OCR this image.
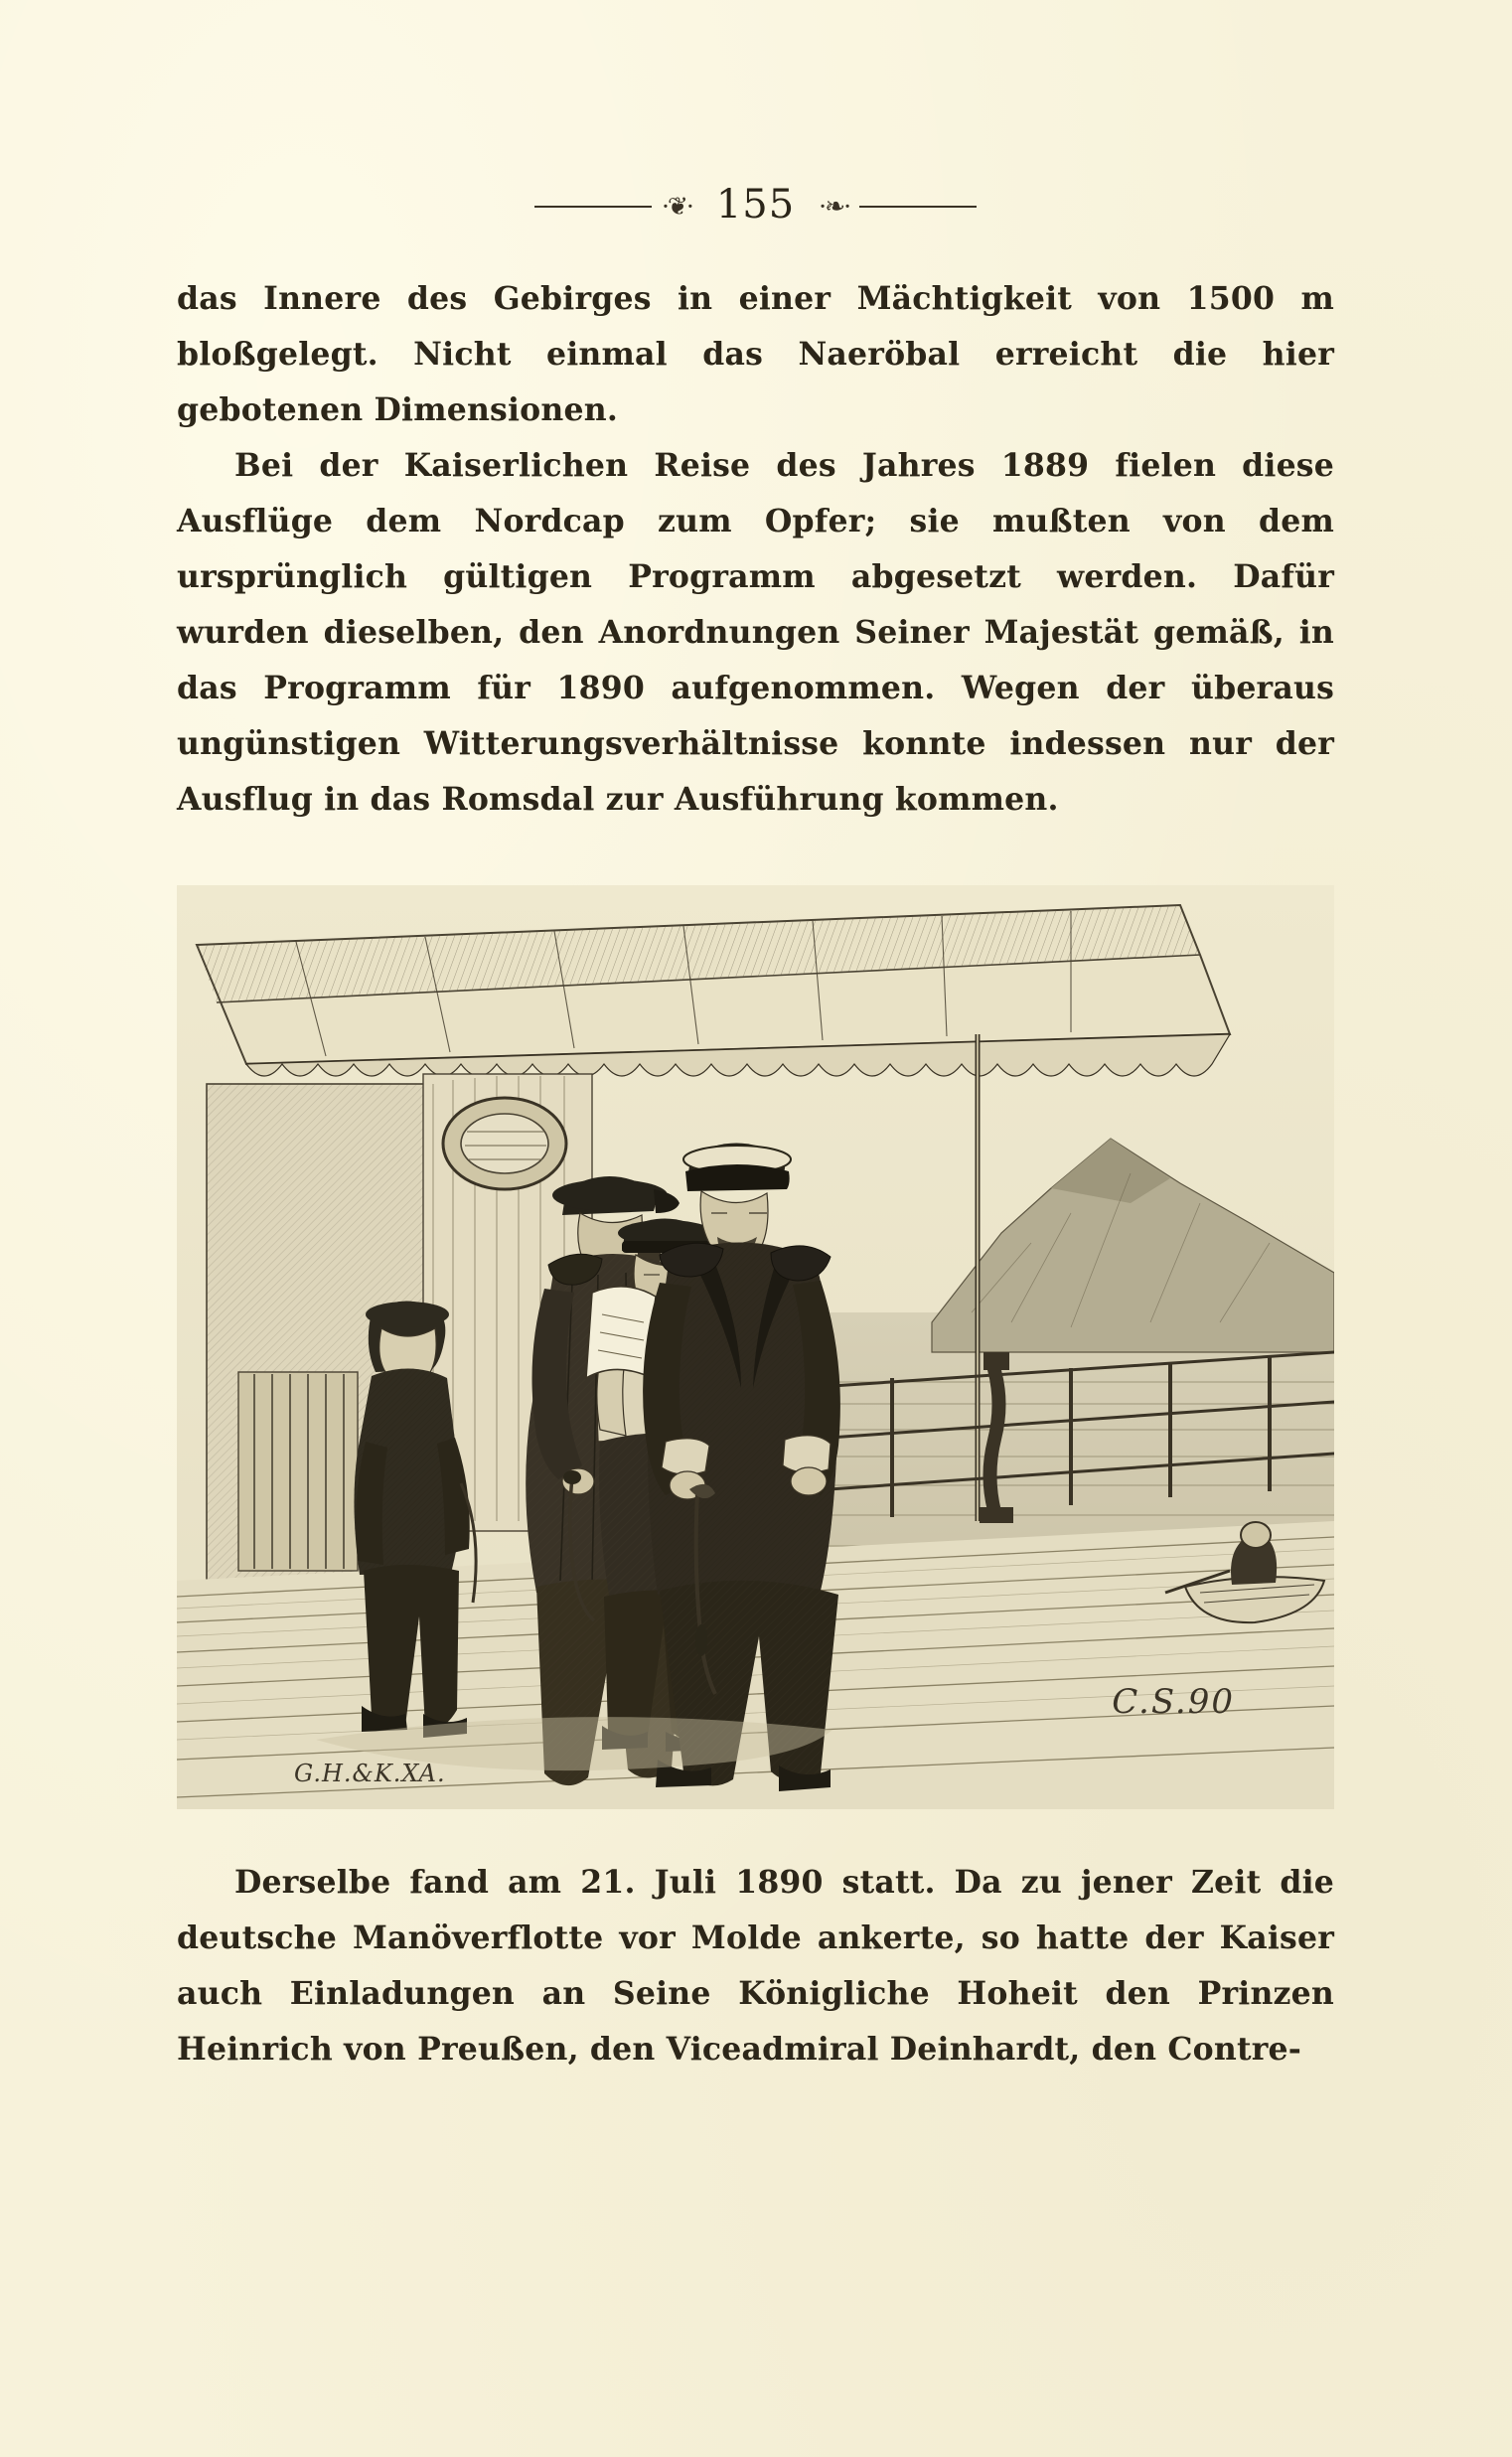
·❦· 155 ·❧·

das Innere des Gebirges in einer Mächtigkeit von 1500 m bloßgelegt. Nicht einmal das Naeröbal erreicht die hier gebotenen Dimensionen.

Bei der Kaiserlichen Reise des Jahres 1889 fielen diese Ausflüge dem Nordcap zum Opfer; sie mußten von dem ursprünglich gültigen Programm abgesetzt werden. Dafür wurden dieselben, den Anordnungen Seiner Majestät gemäß, in das Programm für 1890 aufgenommen. Wegen der überaus ungünstigen Witterungsverhältnisse konnte indessen nur der Ausflug in das Romsdal zur Ausführung kommen.

G.H.&K.XA.
C.S.90

Derselbe fand am 21. Juli 1890 statt. Da zu jener Zeit die deutsche Manöverflotte vor Molde ankerte, so hatte der Kaiser auch Einladungen an Seine Königliche Hoheit den Prinzen Heinrich von Preußen, den Viceadmiral Deinhardt, den Contre-
